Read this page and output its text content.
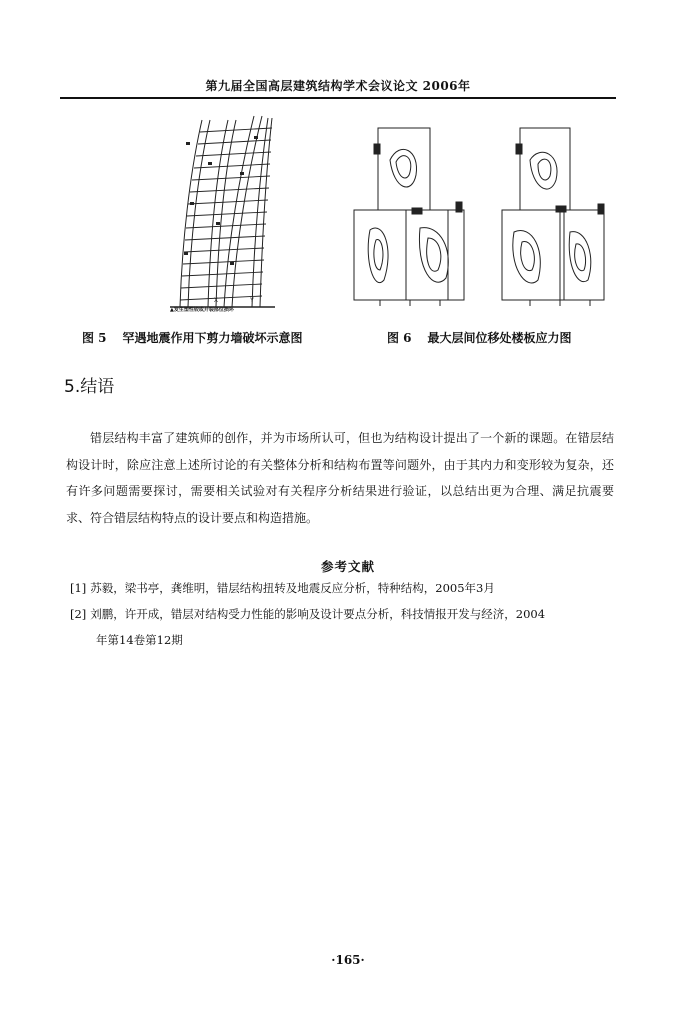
第九届全国高层建筑结构学术会议论文 2006年
Y
X
▲发生塑性铰或开裂部位损坏
图 5 罕遇地震作用下剪力墙破坏示意图	图 6 最大层间位移处楼板应力图
5.结语
错层结构丰富了建筑师的创作，并为市场所认可，但也为结构设计提出了一个新的课题。在错层结构设计时，除应注意上述所讨论的有关整体分析和结构布置等问题外，由于其内力和变形较为复杂，还有许多问题需要探讨，需要相关试验对有关程序分析结果进行验证，以总结出更为合理、满足抗震要求、符合错层结构特点的设计要点和构造措施。
参考文献
[1] 苏毅，梁书亭，龚维明，错层结构扭转及地震反应分析，特种结构，2005年3月
[2] 刘鹏，许开成，错层对结构受力性能的影响及设计要点分析，科技情报开发与经济，2004
年第14卷第12期
·165·
